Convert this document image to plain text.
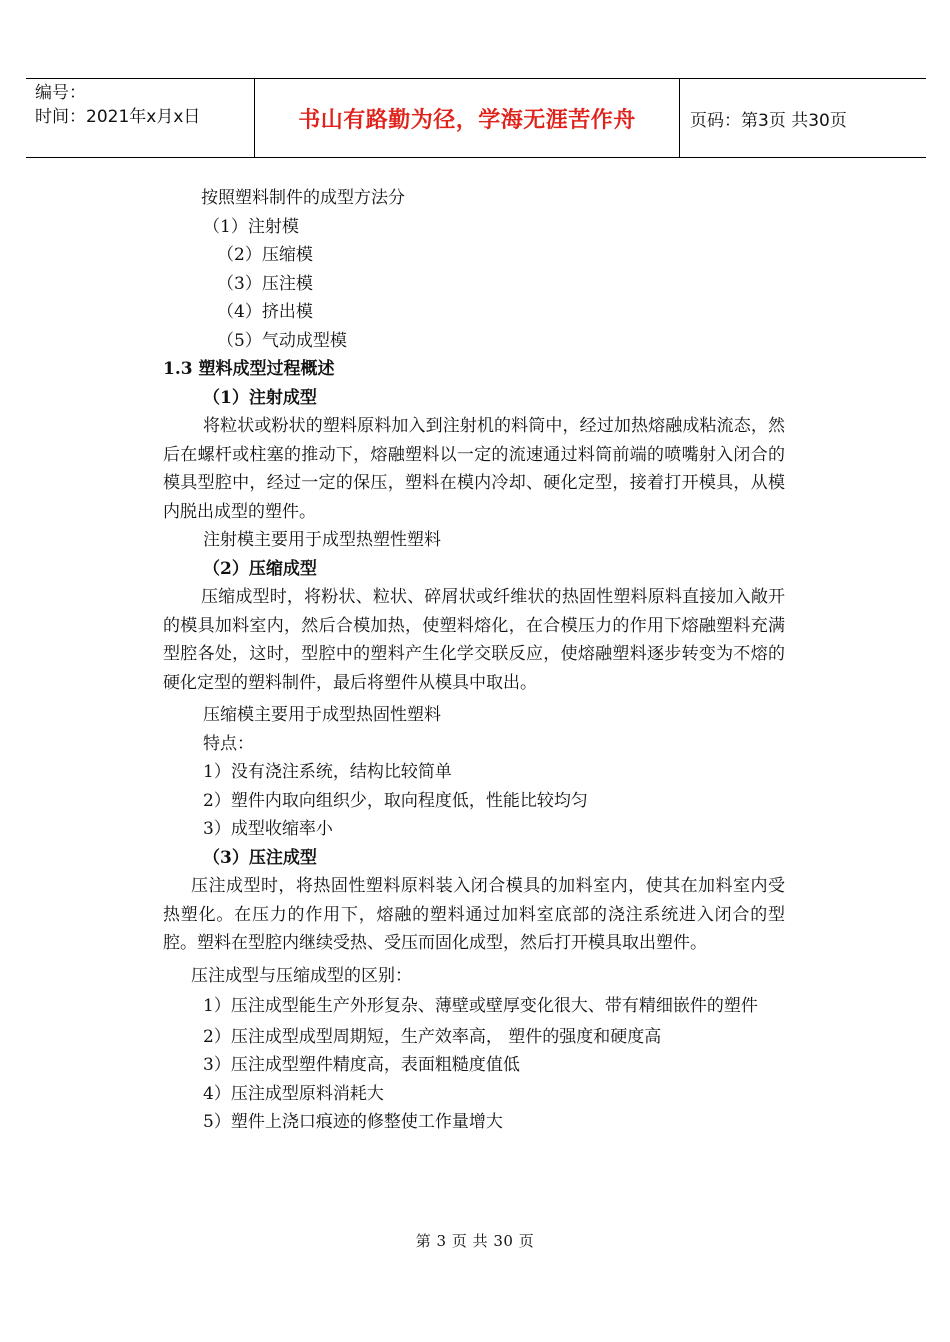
编号：
时间：2021年x月x日	书山有路勤为径，学海无涯苦作舟	页码：第3页 共30页
按照塑料制件的成型方法分
（1）注射模
（2）压缩模
（3）压注模
（4）挤出模
（5）气动成型模
1.3 塑料成型过程概述
（1）注射成型
将粒状或粉状的塑料原料加入到注射机的料筒中，经过加热熔融成粘流态，然后在螺杆或柱塞的推动下，熔融塑料以一定的流速通过料筒前端的喷嘴射入闭合的模具型腔中，经过一定的保压，塑料在模内冷却、硬化定型，接着打开模具，从模内脱出成型的塑件。
注射模主要用于成型热塑性塑料
（2）压缩成型
压缩成型时，将粉状、粒状、碎屑状或纤维状的热固性塑料原料直接加入敞开的模具加料室内，然后合模加热，使塑料熔化，在合模压力的作用下熔融塑料充满型腔各处，这时，型腔中的塑料产生化学交联反应，使熔融塑料逐步转变为不熔的硬化定型的塑料制件，最后将塑件从模具中取出。
压缩模主要用于成型热固性塑料
特点：
1）没有浇注系统，结构比较简单
2）塑件内取向组织少，取向程度低，性能比较均匀
3）成型收缩率小
（3）压注成型
压注成型时，将热固性塑料原料装入闭合模具的加料室内，使其在加料室内受热塑化。在压力的作用下，熔融的塑料通过加料室底部的浇注系统进入闭合的型腔。塑料在型腔内继续受热、受压而固化成型，然后打开模具取出塑件。
压注成型与压缩成型的区别：
1）压注成型能生产外形复杂、薄壁或壁厚变化很大、带有精细嵌件的塑件
2）压注成型成型周期短，生产效率高， 塑件的强度和硬度高
3）压注成型塑件精度高，表面粗糙度值低
4）压注成型原料消耗大
5）塑件上浇口痕迹的修整使工作量增大
第 3 页 共 30 页
